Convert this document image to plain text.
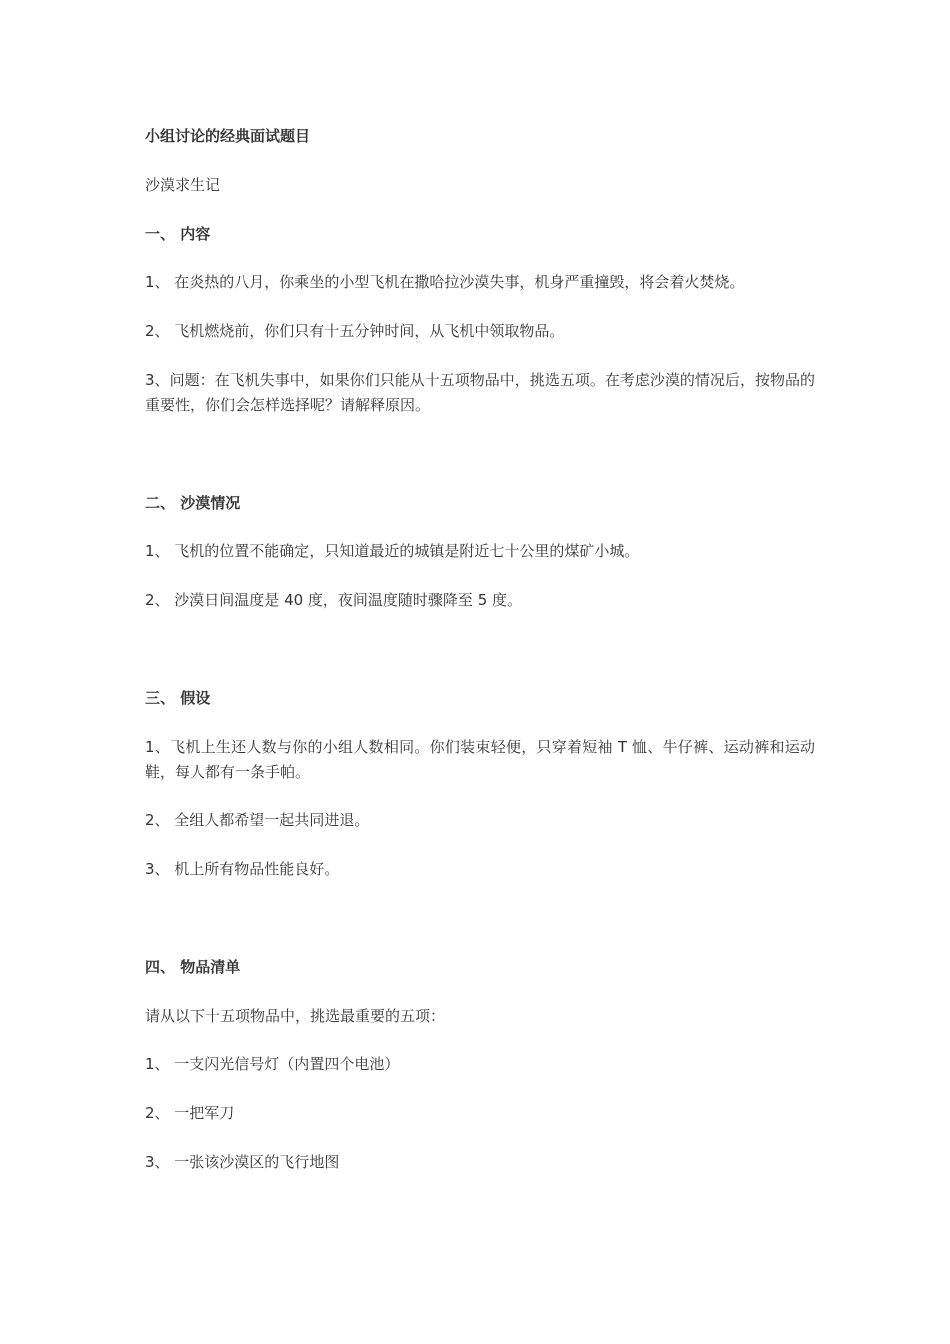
小组讨论的经典面试题目
沙漠求生记
一、 内容
1、 在炎热的八月，你乘坐的小型飞机在撒哈拉沙漠失事，机身严重撞毁，将会着火焚烧。
2、 飞机燃烧前，你们只有十五分钟时间，从飞机中领取物品。
3、问题：在飞机失事中，如果你们只能从十五项物品中，挑选五项。在考虑沙漠的情况后，按物品的重要性，你们会怎样选择呢？请解释原因。
二、 沙漠情况
1、 飞机的位置不能确定，只知道最近的城镇是附近七十公里的煤矿小城。
2、 沙漠日间温度是 40 度，夜间温度随时骤降至 5 度。
三、 假设
1、飞机上生还人数与你的小组人数相同。你们装束轻便，只穿着短袖 T 恤、牛仔裤、运动裤和运动鞋，每人都有一条手帕。
2、 全组人都希望一起共同进退。
3、 机上所有物品性能良好。
四、 物品清单
请从以下十五项物品中，挑选最重要的五项：
1、 一支闪光信号灯（内置四个电池）
2、 一把军刀
3、 一张该沙漠区的飞行地图
